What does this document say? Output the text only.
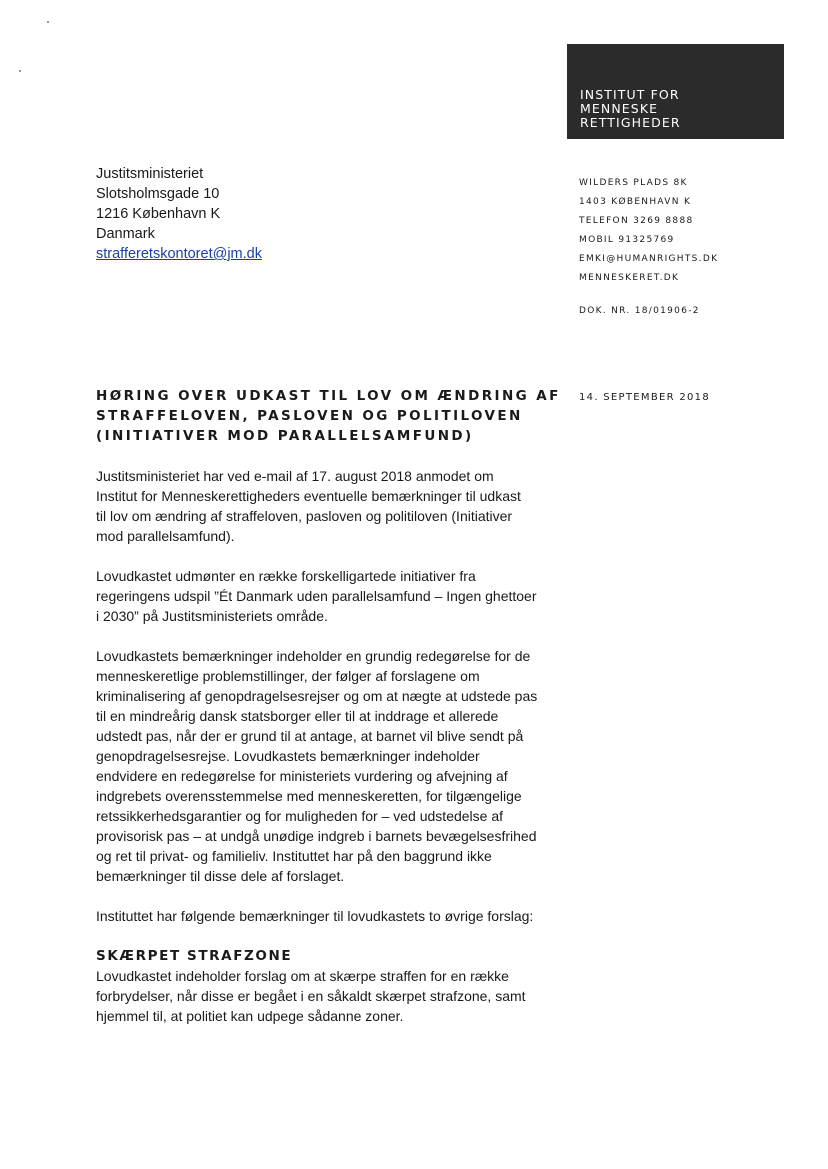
INSTITUT FOR
MENNESKE
RETTIGHEDER
Justitsministeriet
Slotsholmsgade 10
1216 København K
Danmark
strafferetskontoret@jm.dk
WILDERS PLADS 8K
1403 KØBENHAVN K
TELEFON 3269 8888
MOBIL 91325769
EMKI@HUMANRIGHTS.DK
MENNESKERET.DK
DOK. NR. 18/01906-2
14. SEPTEMBER 2018
HØRING OVER UDKAST TIL LOV OM ÆNDRING AF
STRAFFELOVEN, PASLOVEN OG POLITILOVEN
(INITIATIVER MOD PARALLELSAMFUND)

Justitsministeriet har ved e-mail af 17. august 2018 anmodet om
Institut for Menneskerettigheders eventuelle bemærkninger til udkast
til lov om ændring af straffeloven, pasloven og politiloven (Initiativer
mod parallelsamfund).

Lovudkastet udmønter en række forskelligartede initiativer fra
regeringens udspil ”Ét Danmark uden parallelsamfund – Ingen ghettoer
i 2030” på Justitsministeriets område.

Lovudkastets bemærkninger indeholder en grundig redegørelse for de
menneskeretlige problemstillinger, der følger af forslagene om
kriminalisering af genopdragelsesrejser og om at nægte at udstede pas
til en mindreårig dansk statsborger eller til at inddrage et allerede
udstedt pas, når der er grund til at antage, at barnet vil blive sendt på
genopdragelsesrejse. Lovudkastets bemærkninger indeholder
endvidere en redegørelse for ministeriets vurdering og afvejning af
indgrebets overensstemmelse med menneskeretten, for tilgængelige
retssikkerhedsgarantier og for muligheden for – ved udstedelse af
provisorisk pas – at undgå unødige indgreb i barnets bevægelsesfrihed
og ret til privat- og familieliv. Instituttet har på den baggrund ikke
bemærkninger til disse dele af forslaget.

Instituttet har følgende bemærkninger til lovudkastets to øvrige forslag:

SKÆRPET STRAFZONE

Lovudkastet indeholder forslag om at skærpe straffen for en række
forbrydelser, når disse er begået i en såkaldt skærpet strafzone, samt
hjemmel til, at politiet kan udpege sådanne zoner.
